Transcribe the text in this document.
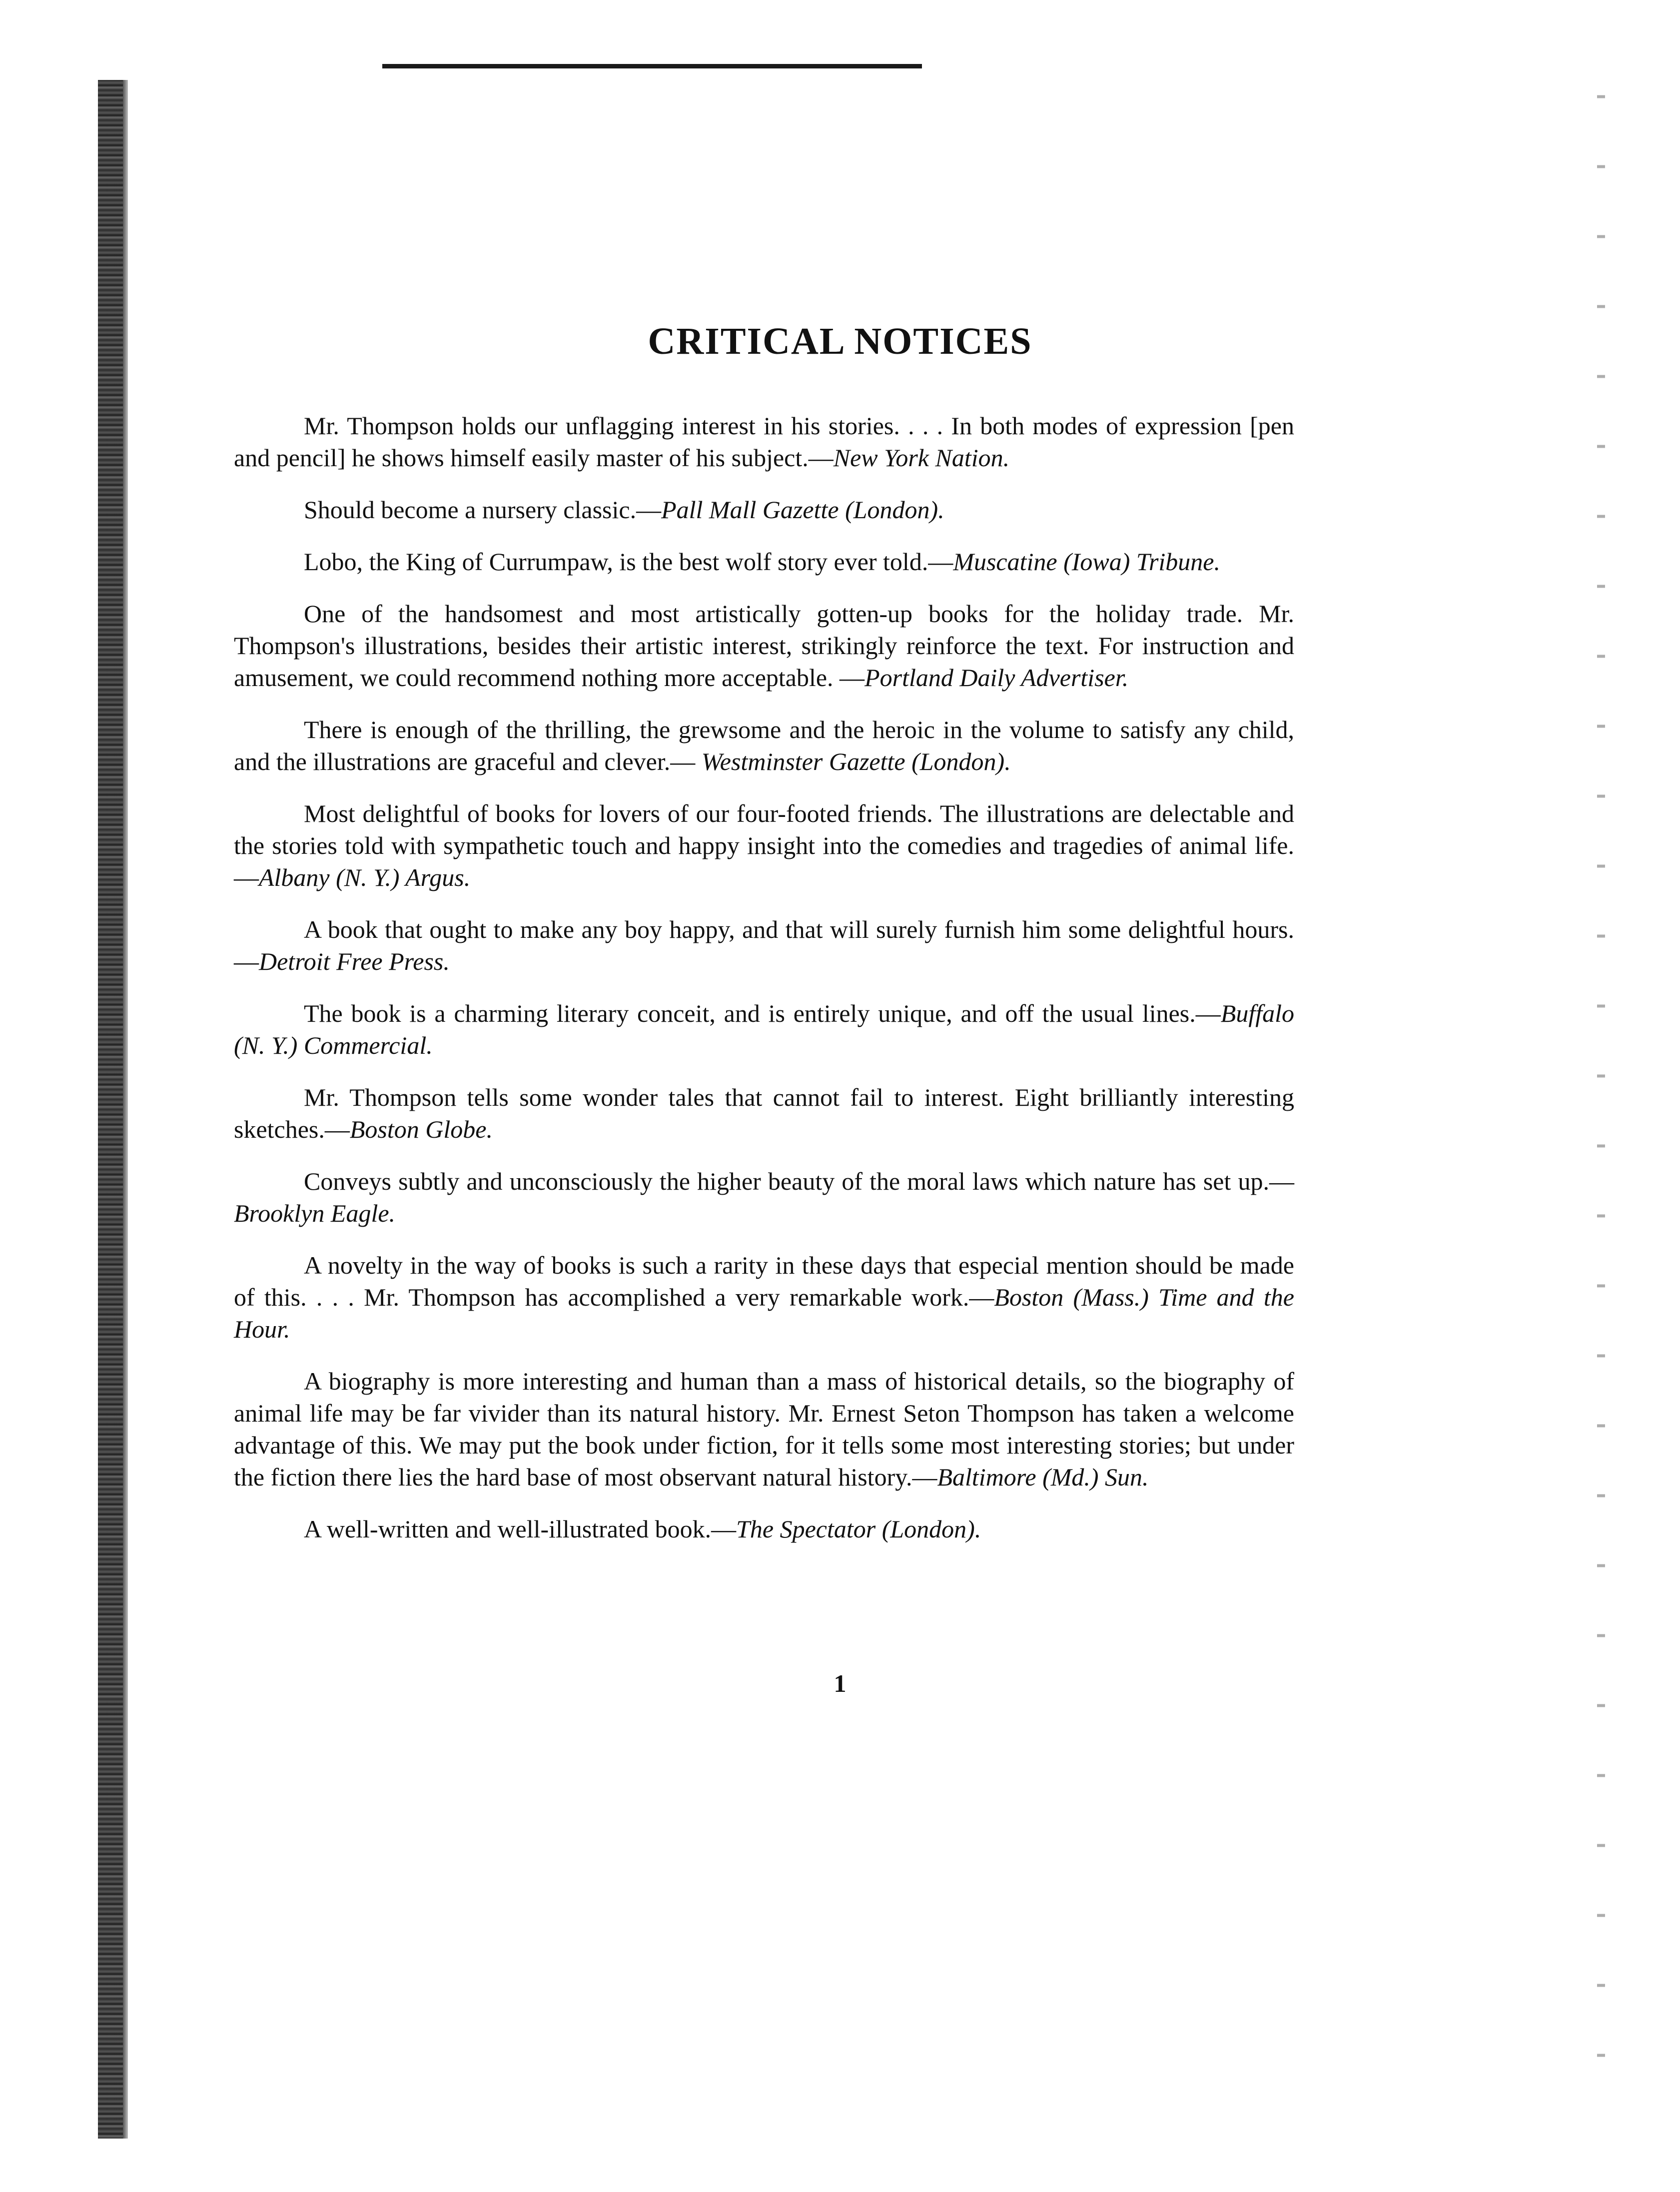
CRITICAL NOTICES

Mr. Thompson holds our unflagging interest in his stories. . . . In both modes of expression [pen and pencil] he shows himself easily master of his subject.—New York Nation.

Should become a nursery classic.—Pall Mall Gazette (London).

Lobo, the King of Currumpaw, is the best wolf story ever told.—Muscatine (Iowa) Tribune.

One of the handsomest and most artistically gotten-up books for the holiday trade. Mr. Thompson's illustrations, besides their artistic interest, strikingly reinforce the text. For instruction and amusement, we could recommend nothing more acceptable. —Portland Daily Advertiser.

There is enough of the thrilling, the grewsome and the heroic in the volume to satisfy any child, and the illustrations are graceful and clever.— Westminster Gazette (London).

Most delightful of books for lovers of our four-footed friends. The illustrations are delectable and the stories told with sympathetic touch and happy insight into the comedies and tragedies of animal life.—Albany (N. Y.) Argus.

A book that ought to make any boy happy, and that will surely furnish him some delightful hours.—Detroit Free Press.

The book is a charming literary conceit, and is entirely unique, and off the usual lines.—Buffalo (N. Y.) Commercial.

Mr. Thompson tells some wonder tales that cannot fail to interest. Eight brilliantly interesting sketches.—Boston Globe.

Conveys subtly and unconsciously the higher beauty of the moral laws which nature has set up.—Brooklyn Eagle.

A novelty in the way of books is such a rarity in these days that especial mention should be made of this. . . . Mr. Thompson has accomplished a very remarkable work.—Boston (Mass.) Time and the Hour.

A biography is more interesting and human than a mass of historical details, so the biography of animal life may be far vivider than its natural history. Mr. Ernest Seton Thompson has taken a welcome advantage of this. We may put the book under fiction, for it tells some most interesting stories; but under the fiction there lies the hard base of most observant natural history.—Baltimore (Md.) Sun.

A well-written and well-illustrated book.—The Spectator (London).

1
